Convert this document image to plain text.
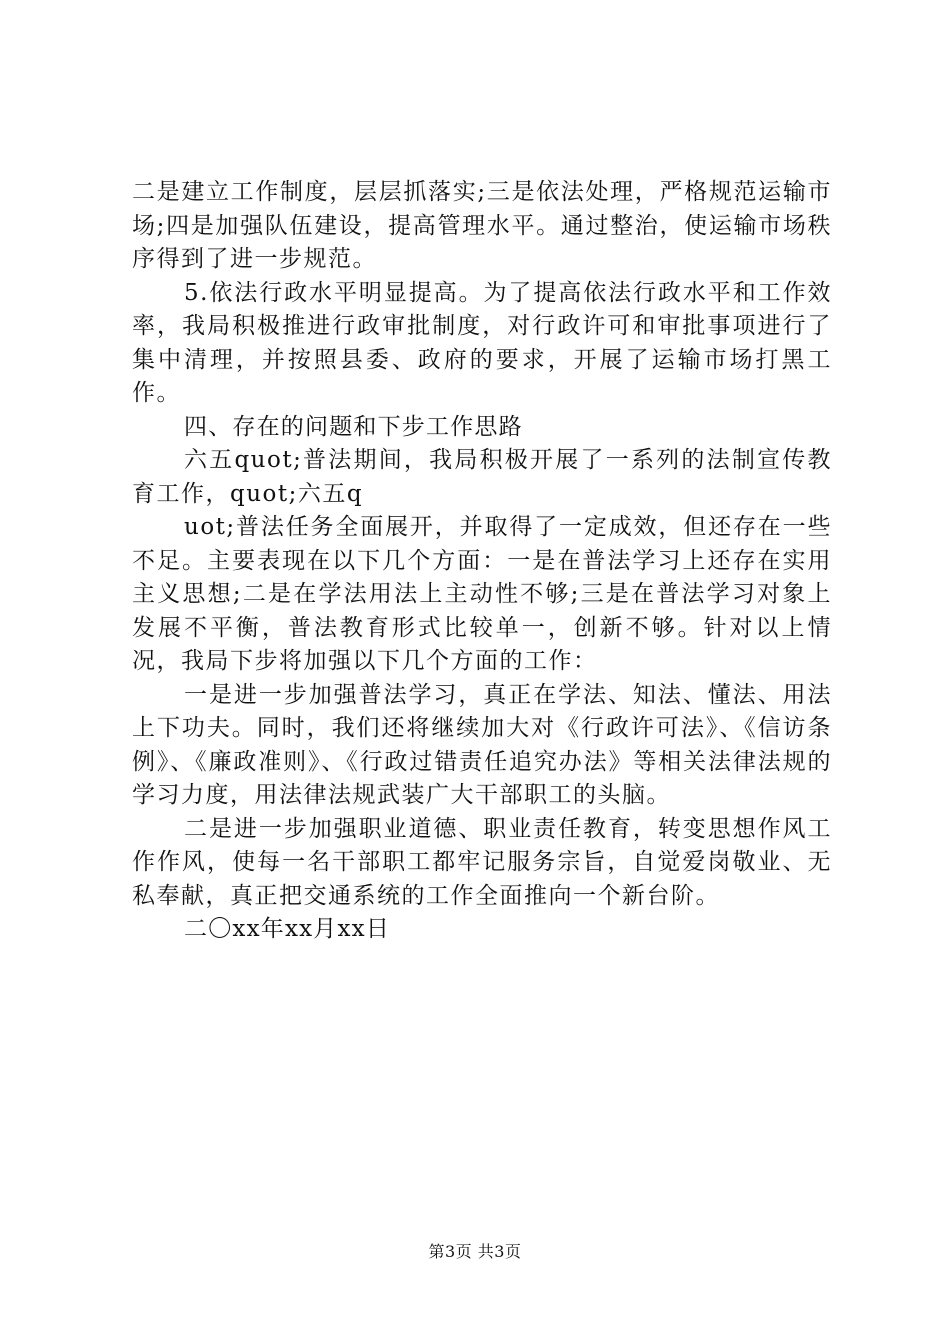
二是建立工作制度，层层抓落实;三是依法处理，严格规范运输市场;四是加强队伍建设，提高管理水平。通过整治，使运输市场秩序得到了进一步规范。

5.依法行政水平明显提高。为了提高依法行政水平和工作效率，我局积极推进行政审批制度，对行政许可和审批事项进行了集中清理，并按照县委、政府的要求，开展了运输市场打黑工作。

四、存在的问题和下步工作思路

六五quot;普法期间，我局积极开展了一系列的法制宣传教育工作，quot;六五q

uot;普法任务全面展开，并取得了一定成效，但还存在一些不足。主要表现在以下几个方面：一是在普法学习上还存在实用主义思想;二是在学法用法上主动性不够;三是在普法学习对象上发展不平衡，普法教育形式比较单一，创新不够。针对以上情况，我局下步将加强以下几个方面的工作：

一是进一步加强普法学习，真正在学法、知法、懂法、用法上下功夫。同时，我们还将继续加大对《行政许可法》、《信访条例》、《廉政准则》、《行政过错责任追究办法》等相关法律法规的学习力度，用法律法规武装广大干部职工的头脑。

二是进一步加强职业道德、职业责任教育，转变思想作风工作作风，使每一名干部职工都牢记服务宗旨，自觉爱岗敬业、无私奉献，真正把交通系统的工作全面推向一个新台阶。

二〇xx年xx月xx日

第3页 共3页
